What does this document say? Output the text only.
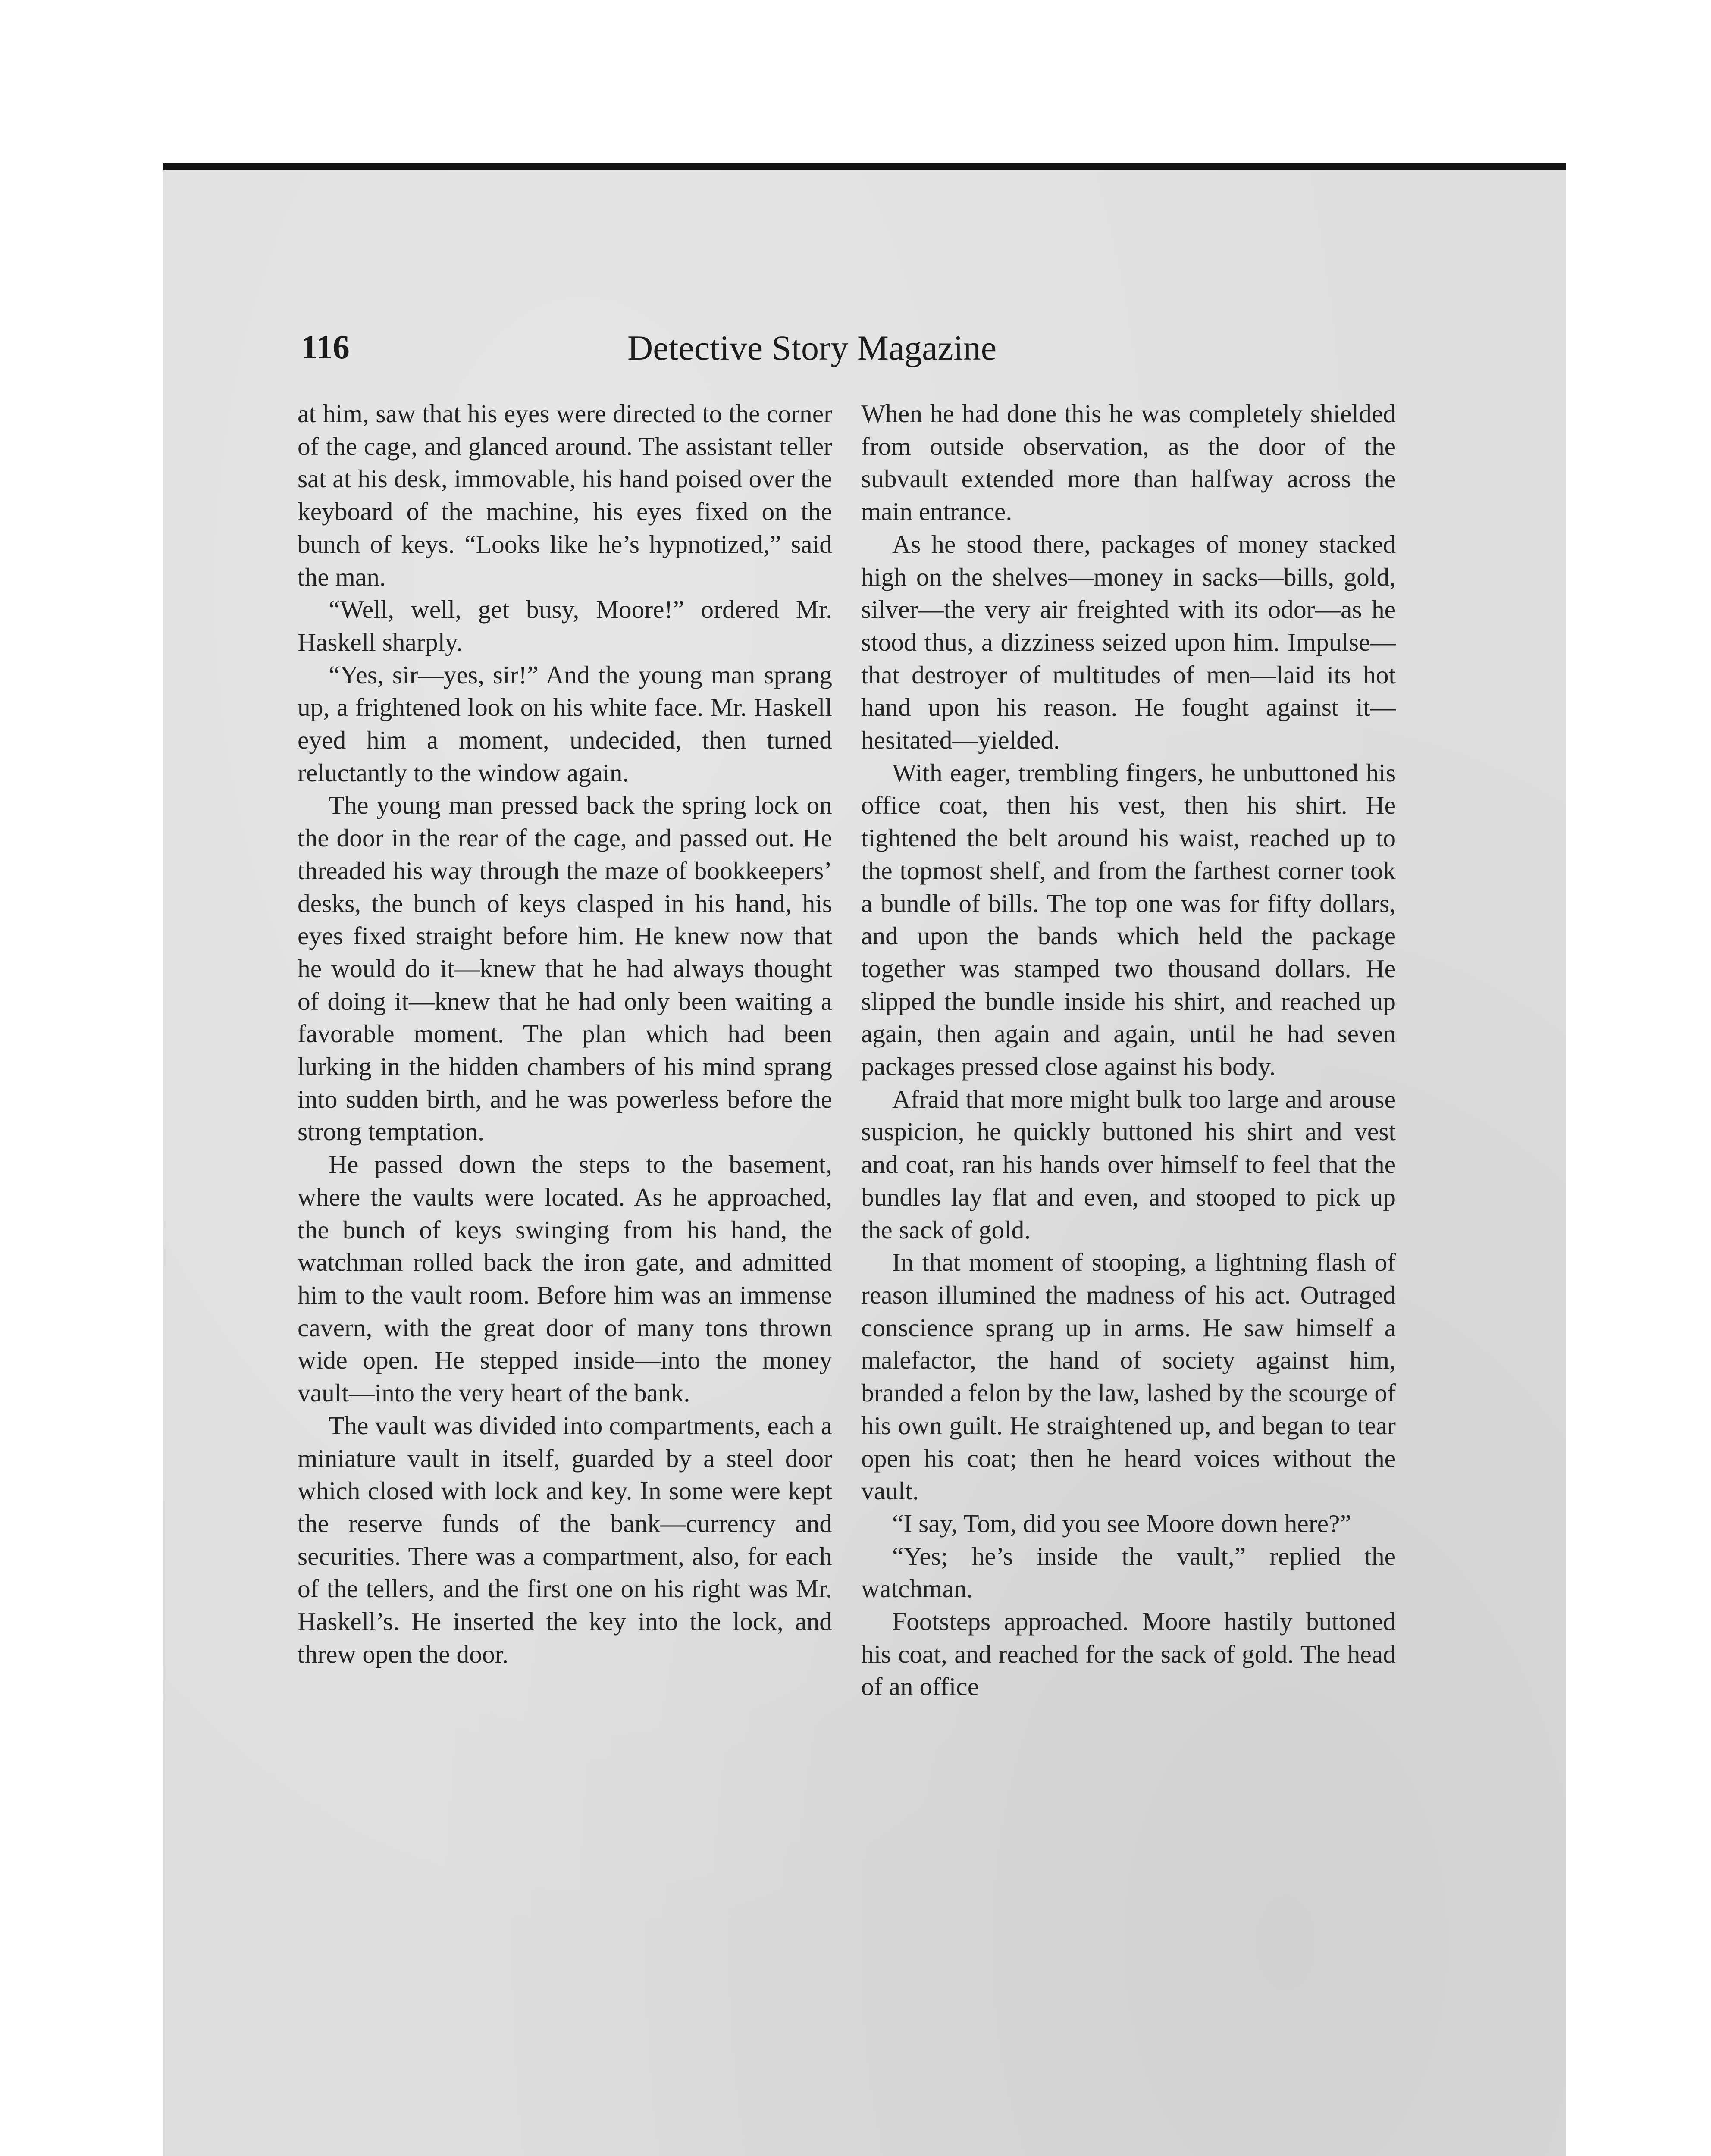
116	Detective Story Magazine

at him, saw that his eyes were directed to the corner of the cage, and glanced around. The assistant teller sat at his desk, immovable, his hand poised over the keyboard of the machine, his eyes fixed on the bunch of keys. “Looks like he’s hypnotized,” said the man.

“Well, well, get busy, Moore!” ordered Mr. Haskell sharply.

“Yes, sir—yes, sir!” And the young man sprang up, a frightened look on his white face. Mr. Haskell eyed him a moment, undecided, then turned reluctantly to the window again.

The young man pressed back the spring lock on the door in the rear of the cage, and passed out. He threaded his way through the maze of bookkeepers’ desks, the bunch of keys clasped in his hand, his eyes fixed straight before him. He knew now that he would do it—knew that he had always thought of doing it—knew that he had only been waiting a favorable moment. The plan which had been lurking in the hidden chambers of his mind sprang into sudden birth, and he was powerless before the strong temptation.

He passed down the steps to the basement, where the vaults were located. As he approached, the bunch of keys swinging from his hand, the watchman rolled back the iron gate, and admitted him to the vault room. Before him was an immense cavern, with the great door of many tons thrown wide open. He stepped inside—into the money vault—into the very heart of the bank.

The vault was divided into compartments, each a miniature vault in itself, guarded by a steel door which closed with lock and key. In some were kept the reserve funds of the bank—currency and securities. There was a compartment, also, for each of the tellers, and the first one on his right was Mr. Haskell’s. He inserted the key into the lock, and threw open the door.

When he had done this he was completely shielded from outside observation, as the door of the subvault extended more than halfway across the main entrance.

As he stood there, packages of money stacked high on the shelves—money in sacks—bills, gold, silver—the very air freighted with its odor—as he stood thus, a dizziness seized upon him. Impulse—that destroyer of multitudes of men—laid its hot hand upon his reason. He fought against it—hesitated—yielded.

With eager, trembling fingers, he unbuttoned his office coat, then his vest, then his shirt. He tightened the belt around his waist, reached up to the topmost shelf, and from the farthest corner took a bundle of bills. The top one was for fifty dollars, and upon the bands which held the package together was stamped two thousand dollars. He slipped the bundle inside his shirt, and reached up again, then again and again, until he had seven packages pressed close against his body.

Afraid that more might bulk too large and arouse suspicion, he quickly buttoned his shirt and vest and coat, ran his hands over himself to feel that the bundles lay flat and even, and stooped to pick up the sack of gold.

In that moment of stooping, a lightning flash of reason illumined the madness of his act. Outraged conscience sprang up in arms. He saw himself a malefactor, the hand of society against him, branded a felon by the law, lashed by the scourge of his own guilt. He straightened up, and began to tear open his coat; then he heard voices without the vault.

“I say, Tom, did you see Moore down here?”

“Yes; he’s inside the vault,” replied the watchman.

Footsteps approached. Moore hastily buttoned his coat, and reached for the sack of gold. The head of an office
